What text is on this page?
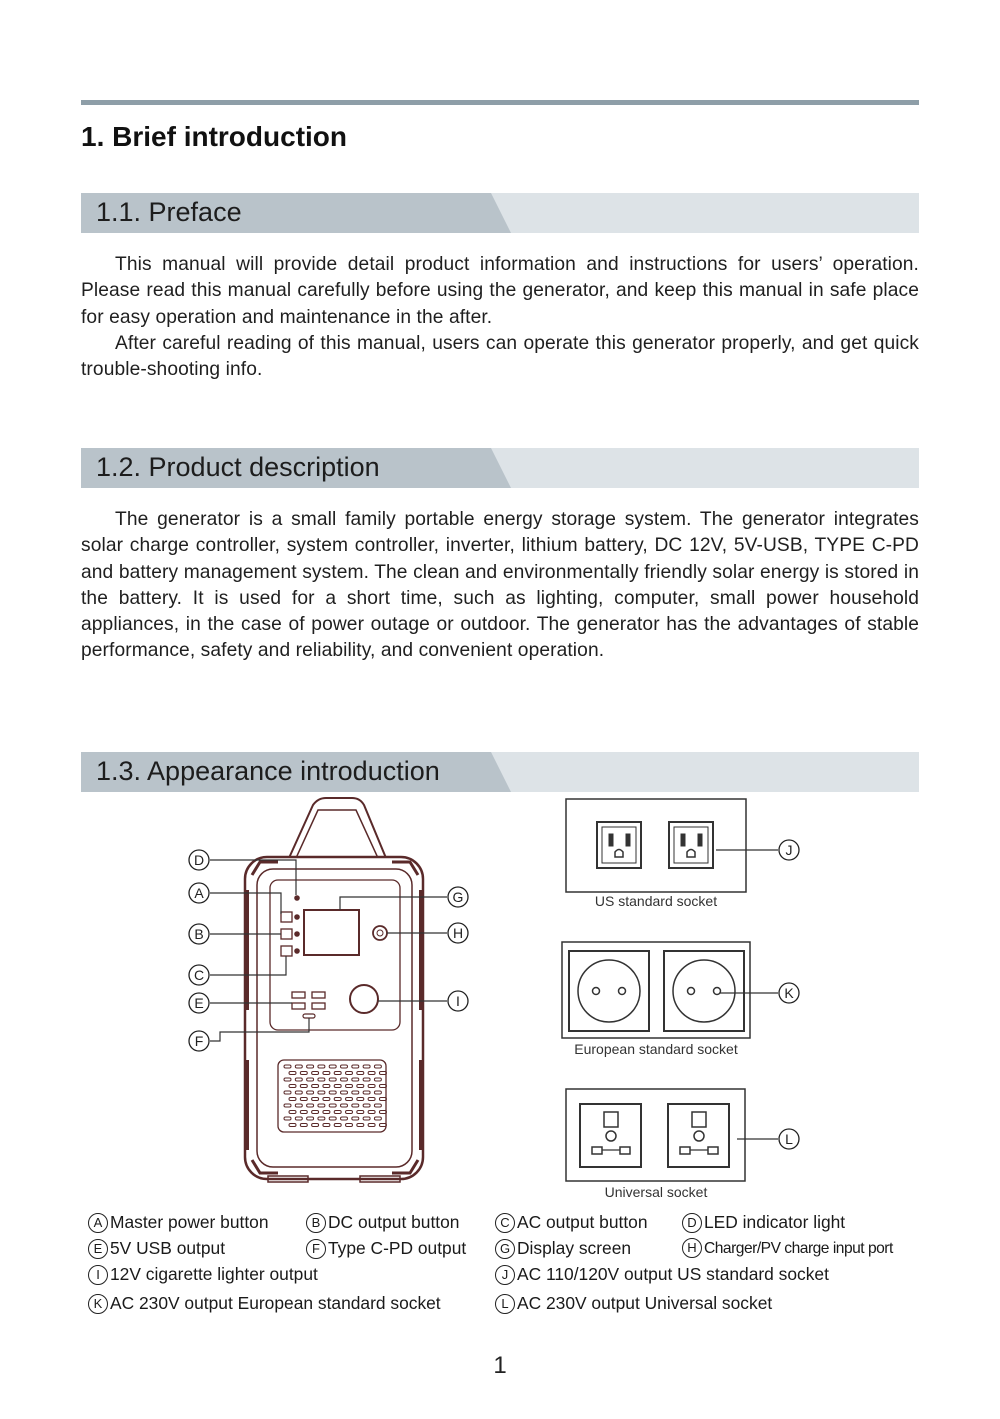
1. Brief introduction
1.1. Preface

This manual will provide detail product information and instructions for users’ operation. Please read this manual carefully before using the generator, and keep this manual in safe place for easy operation and maintenance in the after.

After careful reading of this manual, users can operate this generator properly, and get quick trouble-shooting info.

1.2. Product description

The generator is a small family portable energy storage system. The generator integrates solar charge controller, system controller, inverter, lithium battery, DC 12V, 5V-USB, TYPE C-PD and battery management system. The clean and environmentally friendly solar energy is stored in the battery. It is used for a short time, such as lighting, computer, small power household appliances, in the case of power outage or outdoor. The generator has the advantages of stable performance, safety and reliability, and convenient operation.

1.3. Appearance introduction
D
A
B
C
E
F
G
H
I
J
K
L
US standard socket
European standard socket
Universal socket
A Master power button	B DC output button	C AC output button	D LED indicator light
E 5V USB output	F Type C-PD output	G Display screen	H Charger/PV charge input port
I 12V cigarette lighter output	J AC 110/120V output US standard socket
K AC 230V output European standard socket	L AC 230V output Universal socket
1
